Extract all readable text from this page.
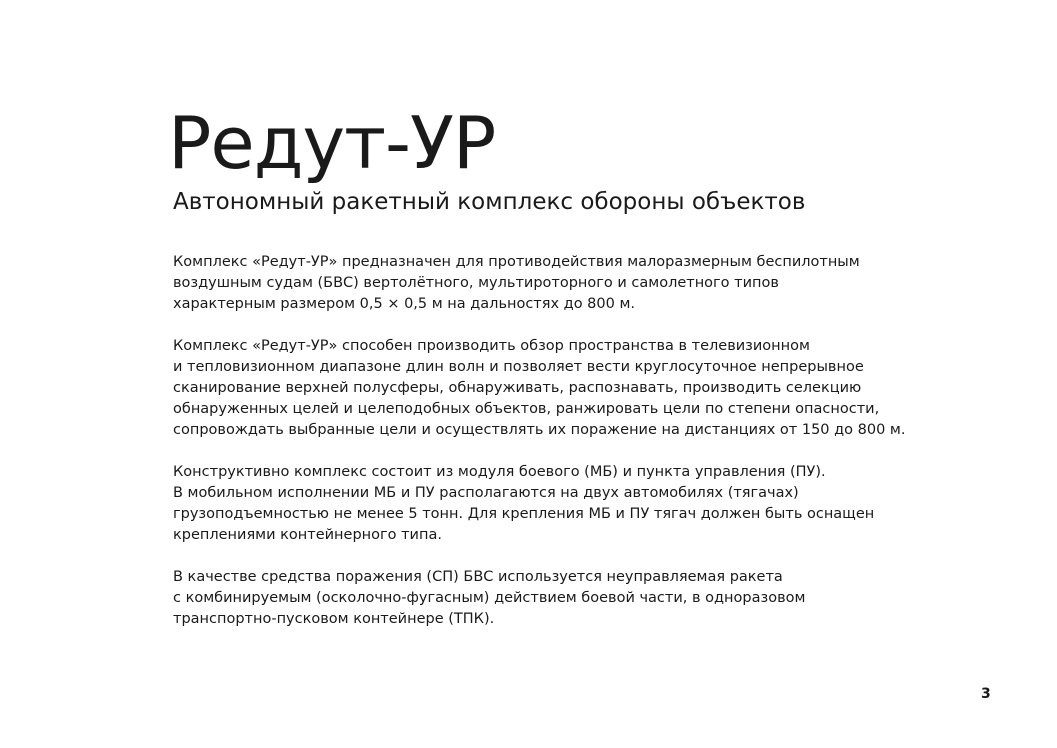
Редут-УР
Автономный ракетный комплекс обороны объектов

Комплекс «Редут-УР» предназначен для противодействия малоразмерным беспилотным
воздушным судам (БВС) вертолётного, мультироторного и самолетного типов
характерным размером 0,5 × 0,5 м на дальностях до 800 м.

Комплекс «Редут-УР» способен производить обзор пространства в телевизионном
и тепловизионном диапазоне длин волн и позволяет вести круглосуточное непрерывное
сканирование верхней полусферы, обнаруживать, распознавать, производить селекцию
обнаруженных целей и целеподобных объектов, ранжировать цели по степени опасности,
сопровождать выбранные цели и осуществлять их поражение на дистанциях от 150 до 800 м.

Конструктивно комплекс состоит из модуля боевого (МБ) и пункта управления (ПУ).
В мобильном исполнении МБ и ПУ располагаются на двух автомобилях (тягачах)
грузоподъемностью не менее 5 тонн. Для крепления МБ и ПУ тягач должен быть оснащен
креплениями контейнерного типа.

В качестве средства поражения (СП) БВС используется неуправляемая ракета
с комбинируемым (осколочно-фугасным) действием боевой части, в одноразовом
транспортно-пусковом контейнере (ТПК).

3
